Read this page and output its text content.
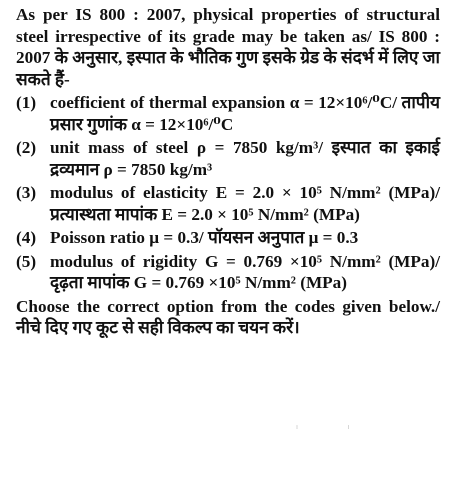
As per IS 800 : 2007, physical properties of structural steel irrespective of its grade may be taken as/ IS 800 : 2007 के अनुसार, इस्पात के भौतिक गुण इसके ग्रेड के संदर्भ में लिए जा सकते हैं-
(1) coefficient of thermal expansion α = 12×10⁶/⁰C/ तापीय प्रसार गुणांक α = 12×10⁶/⁰C
(2) unit mass of steel ρ = 7850 kg/m³/ इस्पात का इकाई द्रव्यमान ρ = 7850 kg/m³
(3) modulus of elasticity E = 2.0 × 10⁵ N/mm² (MPa)/ प्रत्यास्थता मापांक E = 2.0 × 10⁵ N/mm² (MPa)
(4) Poisson ratio μ = 0.3/ पॉयसन अनुपात μ = 0.3
(5) modulus of rigidity G = 0.769 ×10⁵ N/mm² (MPa)/ दृढ़ता मापांक G = 0.769 ×10⁵ N/mm² (MPa)
Choose the correct option from the codes given below./ नीचे दिए गए कूट से सही विकल्प का चयन करें।
· · · ·
